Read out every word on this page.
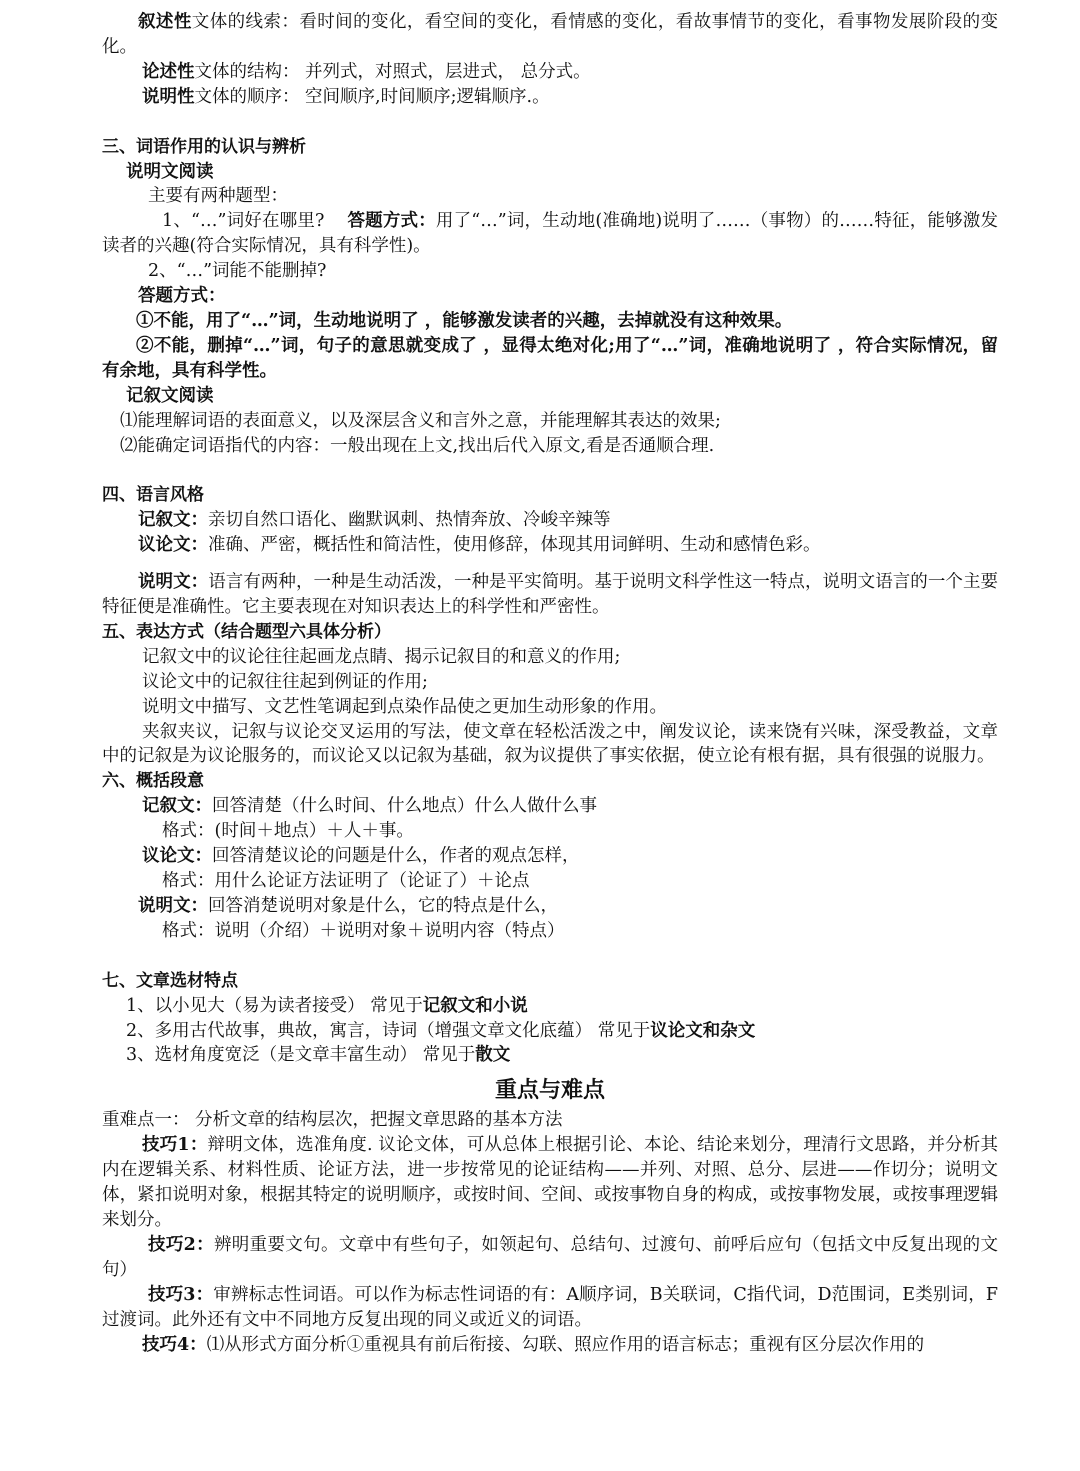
叙述性文体的线索：看时间的变化，看空间的变化，看情感的变化，看故事情节的变化，看事物发展阶段的变化。

论述性文体的结构： 并列式，对照式，层进式， 总分式。

说明性文体的顺序： 空间顺序,时间顺序;逻辑顺序.。

三、词语作用的认识与辨析

说明文阅读

主要有两种题型：

1、“…”词好在哪里? 答题方式：用了“…”词，生动地(准确地)说明了……（事物）的……特征，能够激发读者的兴趣(符合实际情况，具有科学性)。

2、“…”词能不能删掉?

答题方式：

①不能，用了“…”词，生动地说明了 ，能够激发读者的兴趣，去掉就没有这种效果。

②不能，删掉“…”词，句子的意思就变成了 ，显得太绝对化;用了“…”词，准确地说明了 ，符合实际情况，留有余地，具有科学性。

记叙文阅读

⑴能理解词语的表面意义，以及深层含义和言外之意，并能理解其表达的效果;

⑵能确定词语指代的内容：一般出现在上文,找出后代入原文,看是否通顺合理.

四、语言风格

记叙文：亲切自然口语化、幽默讽刺、热情奔放、冷峻辛辣等

议论文：准确、严密，概括性和简洁性，使用修辞，体现其用词鲜明、生动和感情色彩。

说明文：语言有两种，一种是生动活泼，一种是平实简明。基于说明文科学性这一特点，说明文语言的一个主要特征便是准确性。它主要表现在对知识表达上的科学性和严密性。

五、表达方式（结合题型六具体分析）

记叙文中的议论往往起画龙点睛、揭示记叙目的和意义的作用;

议论文中的记叙往往起到例证的作用;

说明文中描写、文艺性笔调起到点染作品使之更加生动形象的作用。

夹叙夹议，记叙与议论交叉运用的写法，使文章在轻松活泼之中，阐发议论，读来饶有兴味，深受教益，文章中的记叙是为议论服务的，而议论又以记叙为基础，叙为议提供了事实依据，使立论有根有据，具有很强的说服力。

六、概括段意

记叙文：回答清楚（什么时间、什么地点）什么人做什么事

格式：(时间＋地点）＋人＋事。

议论文：回答清楚议论的问题是什么，作者的观点怎样，

格式：用什么论证方法证明了（论证了）＋论点

说明文：回答消楚说明对象是什么，它的特点是什么，

格式：说明（介绍）＋说明对象＋说明内容（特点）

七、文章选材特点

1、以小见大（易为读者接受） 常见于记叙文和小说

2、多用古代故事，典故，寓言，诗词（增强文章文化底蕴） 常见于议论文和杂文

3、选材角度宽泛（是文章丰富生动） 常见于散文

重点与难点

重难点一： 分析文章的结构层次，把握文章思路的基本方法

技巧1：辩明文体，选准角度. 议论文体，可从总体上根据引论、本论、结论来划分，理清行文思路，并分析其内在逻辑关系、材料性质、论证方法，进一步按常见的论证结构——并列、对照、总分、层进——作切分；说明文体，紧扣说明对象，根据其特定的说明顺序，或按时间、空间、或按事物自身的构成，或按事物发展，或按事理逻辑来划分。

技巧2：辨明重要文句。文章中有些句子，如领起句、总结句、过渡句、前呼后应句（包括文中反复出现的文句）

技巧3：审辨标志性词语。可以作为标志性词语的有：A顺序词，B关联词，C指代词，D范围词，E类别词，F过渡词。此外还有文中不同地方反复出现的同义或近义的词语。

技巧4：⑴从形式方面分析①重视具有前后衔接、勾联、照应作用的语言标志；重视有区分层次作用的
